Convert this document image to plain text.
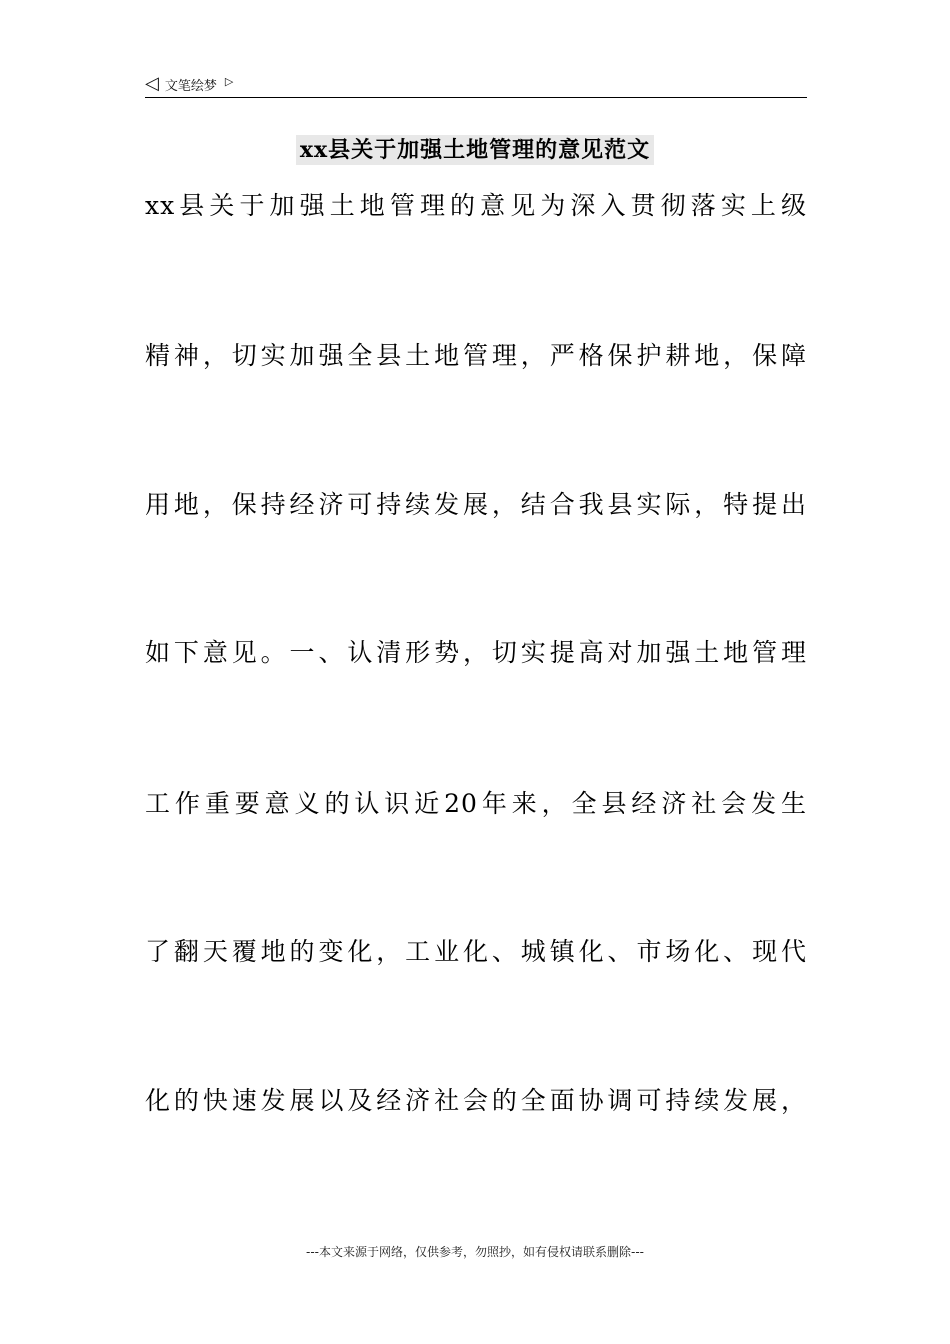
◁ 文笔绘梦 ▷
xx县关于加强土地管理的意见范文
xx县关于加强土地管理的意见为深入贯彻落实上级
精神，切实加强全县土地管理，严格保护耕地，保障
用地，保持经济可持续发展，结合我县实际，特提出
如下意见。一、认清形势，切实提高对加强土地管理
工作重要意义的认识近20年来，全县经济社会发生
了翻天覆地的变化，工业化、城镇化、市场化、现代
化的快速发展以及经济社会的全面协调可持续发展，
---本文来源于网络，仅供参考，勿照抄，如有侵权请联系删除---
